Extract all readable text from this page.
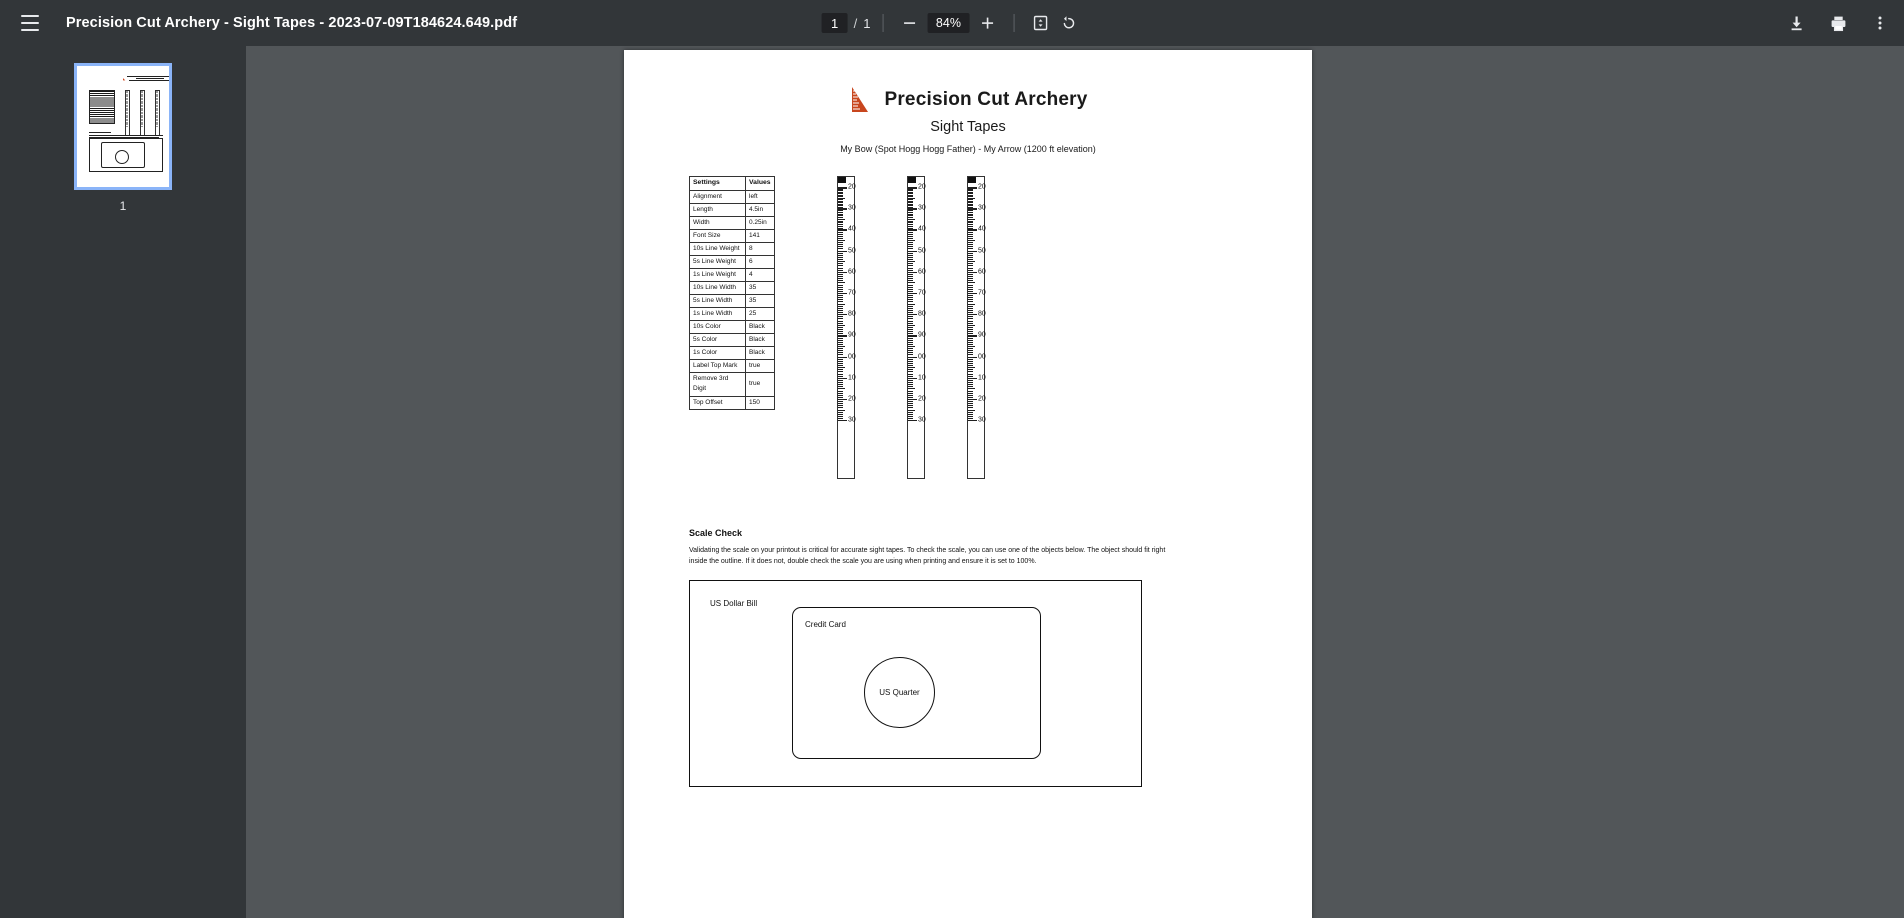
Precision Cut Archery - Sight Tapes - 2023-07-09T184624.649.pdf	1	/ 1	84%
◣
1
Precision Cut Archery
Sight Tapes
My Bow (Spot Hogg Hogg Father) - My Arrow (1200 ft elevation)
Settings	Values
Alignment	left
Length	4.5in
Width	0.25in
Font Size	141
10s Line Weight	8
5s Line Weight	6
1s Line Weight	4
10s Line Width	35
5s Line Width	35
1s Line Width	25
10s Color	Black
5s Color	Black
1s Color	Black
Label Top Mark	true
Remove 3rd Digit	true
Top Offset	150
13
20
30
40
50
60
70
80
90
00
10
20
30
13
20
30
40
50
60
70
80
90
00
10
20
30
13
20
30
40
50
60
70
80
90
00
10
20
30
Scale Check
Validating the scale on your printout is critical for accurate sight tapes. To check the scale, you can use one of the objects below. The object should fit right inside the outline. If it does not, double check the scale you are using when printing and ensure it is set to 100%.
US Dollar Bill
Credit Card
US Quarter
